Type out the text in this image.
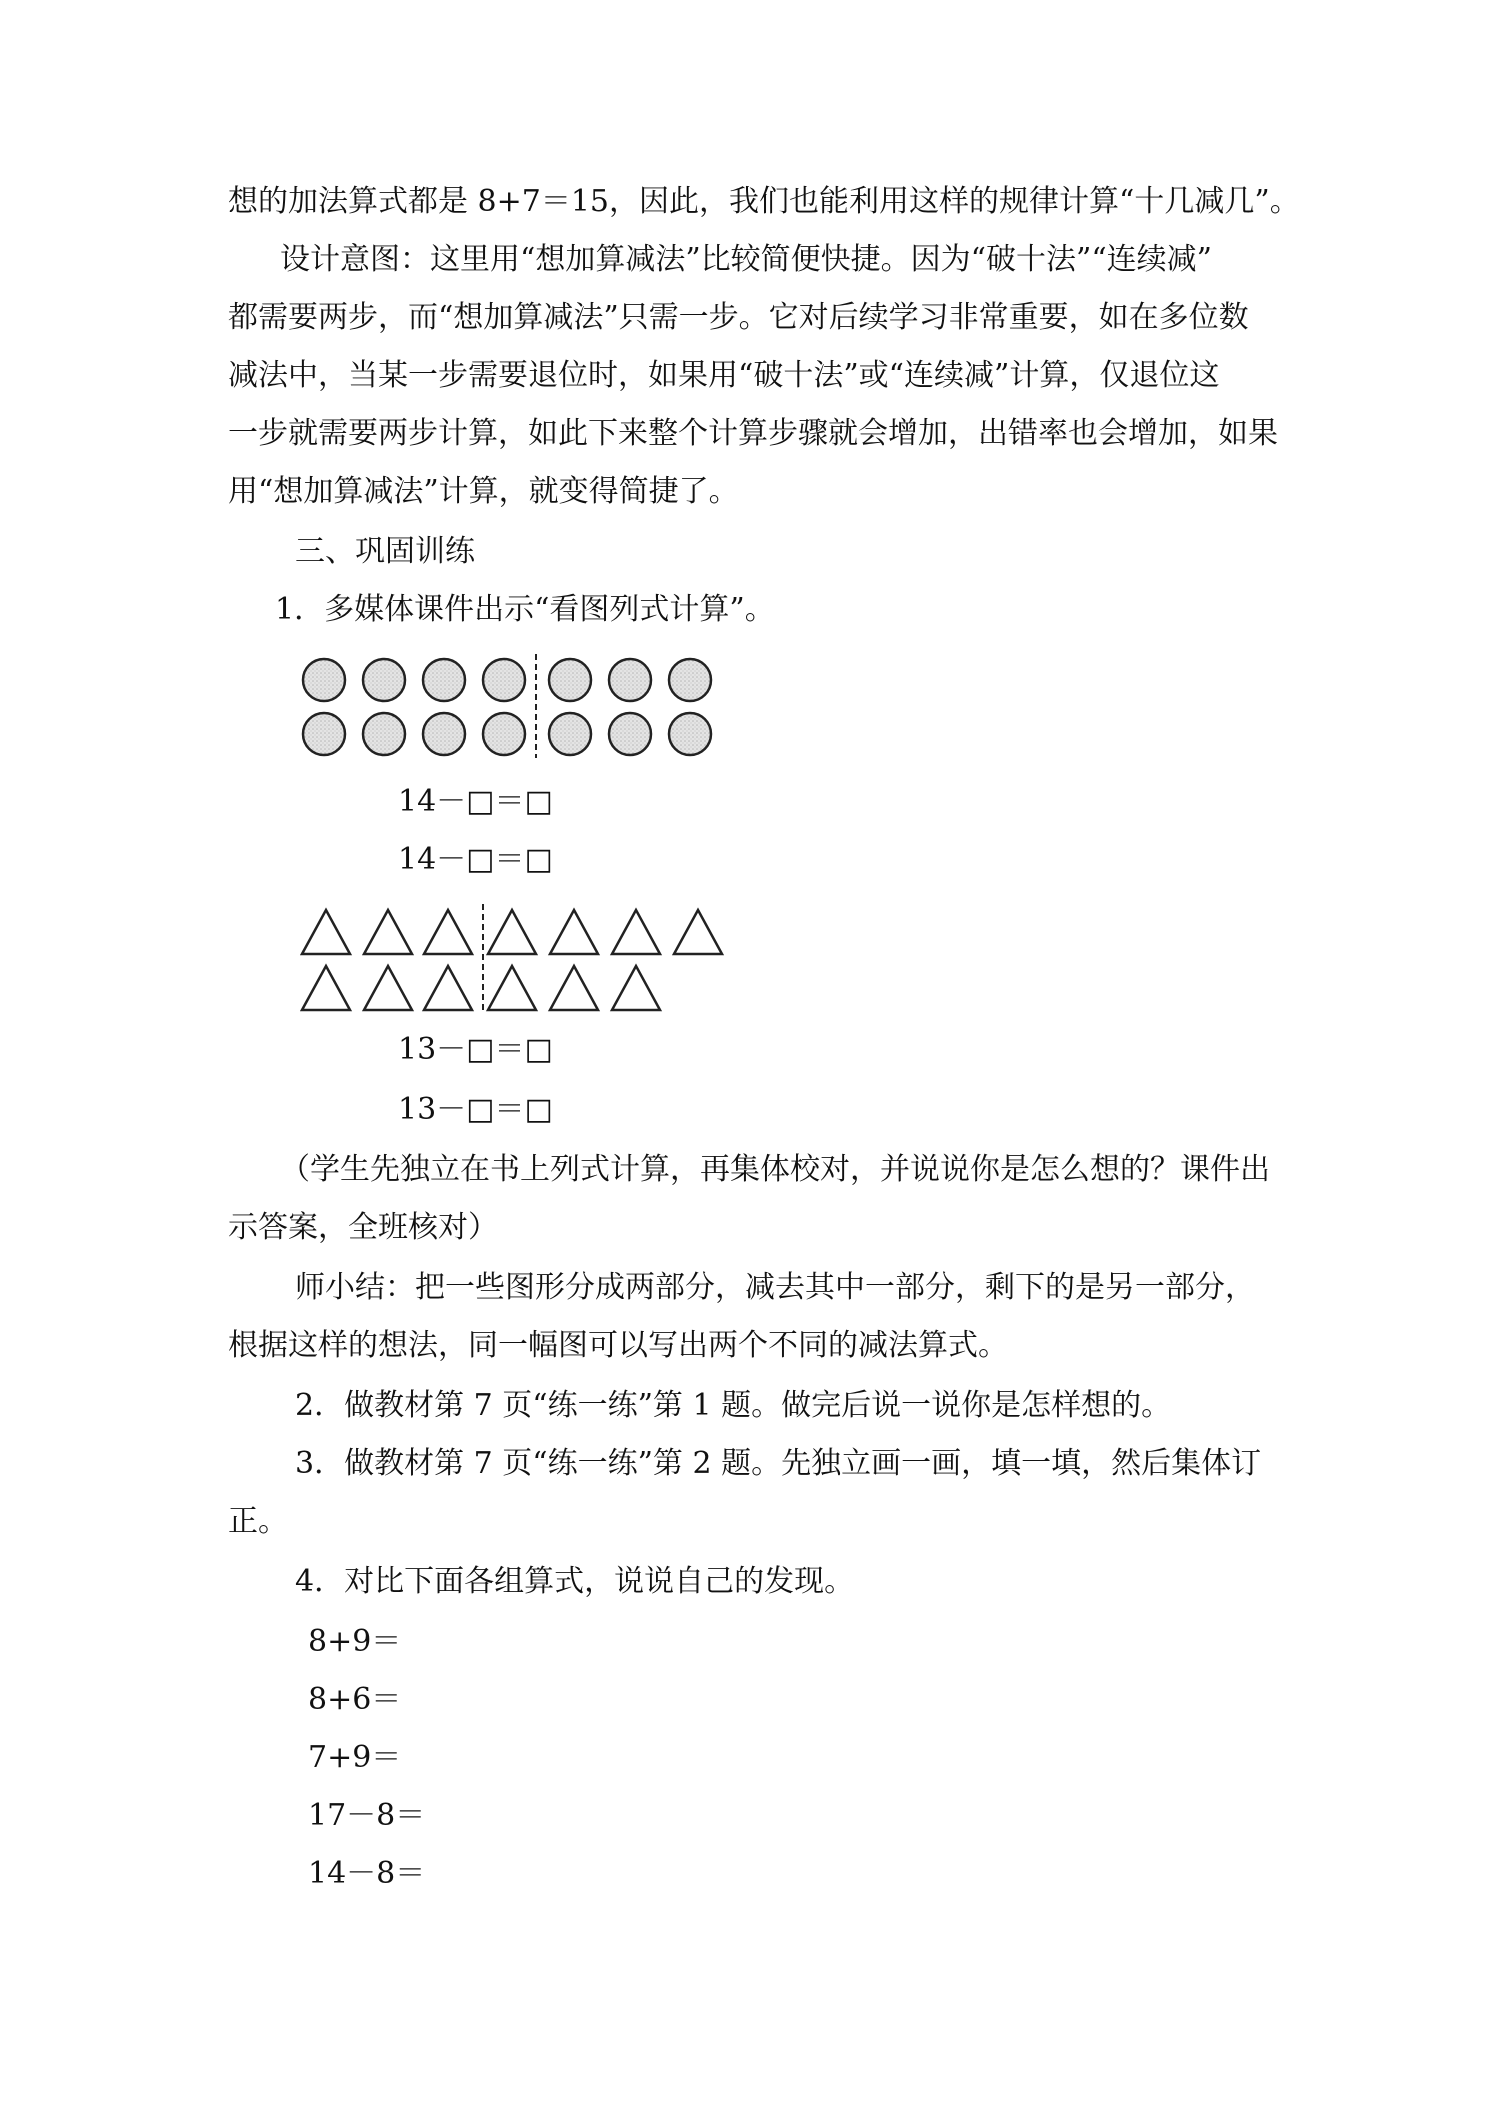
想的加法算式都是 8+7＝15，因此，我们也能利用这样的规律计算“十几减几”。
设计意图：这里用“想加算减法”比较简便快捷。因为“破十法”“连续减”
都需要两步，而“想加算减法”只需一步。它对后续学习非常重要，如在多位数
减法中，当某一步需要退位时，如果用“破十法”或“连续减”计算，仅退位这
一步就需要两步计算，如此下来整个计算步骤就会增加，出错率也会增加，如果
用“想加算减法”计算，就变得简捷了。
三、巩固训练
1．多媒体课件出示“看图列式计算”。
14－□＝□
14－□＝□
13－□＝□
13－□＝□
（学生先独立在书上列式计算，再集体校对，并说说你是怎么想的？课件出
示答案，全班核对）
师小结：把一些图形分成两部分，减去其中一部分，剩下的是另一部分，
根据这样的想法，同一幅图可以写出两个不同的减法算式。
2．做教材第 7 页“练一练”第 1 题。做完后说一说你是怎样想的。
3．做教材第 7 页“练一练”第 2 题。先独立画一画，填一填，然后集体订
正。
4．对比下面各组算式，说说自己的发现。
8+9＝
8+6＝
7+9＝
17－8＝
14－8＝
